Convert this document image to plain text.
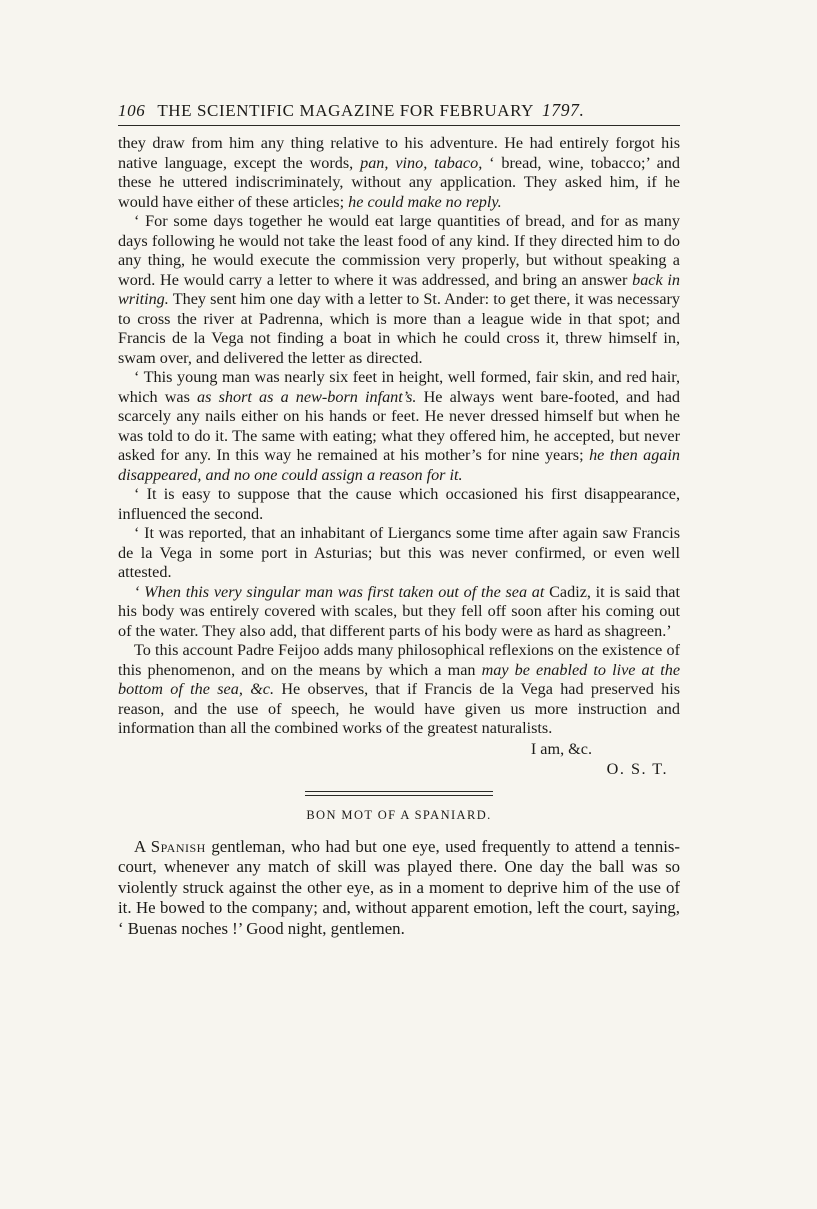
106 THE SCIENTIFIC MAGAZINE FOR FEBRUARY 1797.

they draw from him any thing relative to his adventure. He had entirely forgot his native language, except the words, pan, vino, tabaco, ‘ bread, wine, tobacco;’ and these he uttered indiscriminately, without any application. They asked him, if he would have either of these articles; he could make no reply.

‘ For some days together he would eat large quantities of bread, and for as many days following he would not take the least food of any kind. If they directed him to do any thing, he would execute the commission very properly, but without speaking a word. He would carry a letter to where it was addressed, and bring an answer back in writing. They sent him one day with a letter to St. Ander: to get there, it was necessary to cross the river at Padrenna, which is more than a league wide in that spot; and Francis de la Vega not finding a boat in which he could cross it, threw himself in, swam over, and delivered the letter as directed.

‘ This young man was nearly six feet in height, well formed, fair skin, and red hair, which was as short as a new-born infant’s. He always went bare-footed, and had scarcely any nails either on his hands or feet. He never dressed himself but when he was told to do it. The same with eating; what they offered him, he accepted, but never asked for any. In this way he remained at his mother’s for nine years; he then again disappeared, and no one could assign a reason for it.

‘ It is easy to suppose that the cause which occasioned his first disappearance, influenced the second.

‘ It was reported, that an inhabitant of Liergancs some time after again saw Francis de la Vega in some port in Asturias; but this was never confirmed, or even well attested.

‘ When this very singular man was first taken out of the sea at Cadiz, it is said that his body was entirely covered with scales, but they fell off soon after his coming out of the water. They also add, that different parts of his body were as hard as shagreen.’

To this account Padre Feijoo adds many philosophical reflexions on the existence of this phenomenon, and on the means by which a man may be enabled to live at the bottom of the sea, &c. He observes, that if Francis de la Vega had preserved his reason, and the use of speech, he would have given us more instruction and information than all the combined works of the greatest naturalists.

I am, &c.
O. S. T.
BON MOT OF A SPANIARD.

A Spanish gentleman, who had but one eye, used frequently to attend a tennis-court, whenever any match of skill was played there. One day the ball was so violently struck against the other eye, as in a moment to deprive him of the use of it. He bowed to the company; and, without apparent emotion, left the court, saying, ‘ Buenas noches !’ Good night, gentlemen.
